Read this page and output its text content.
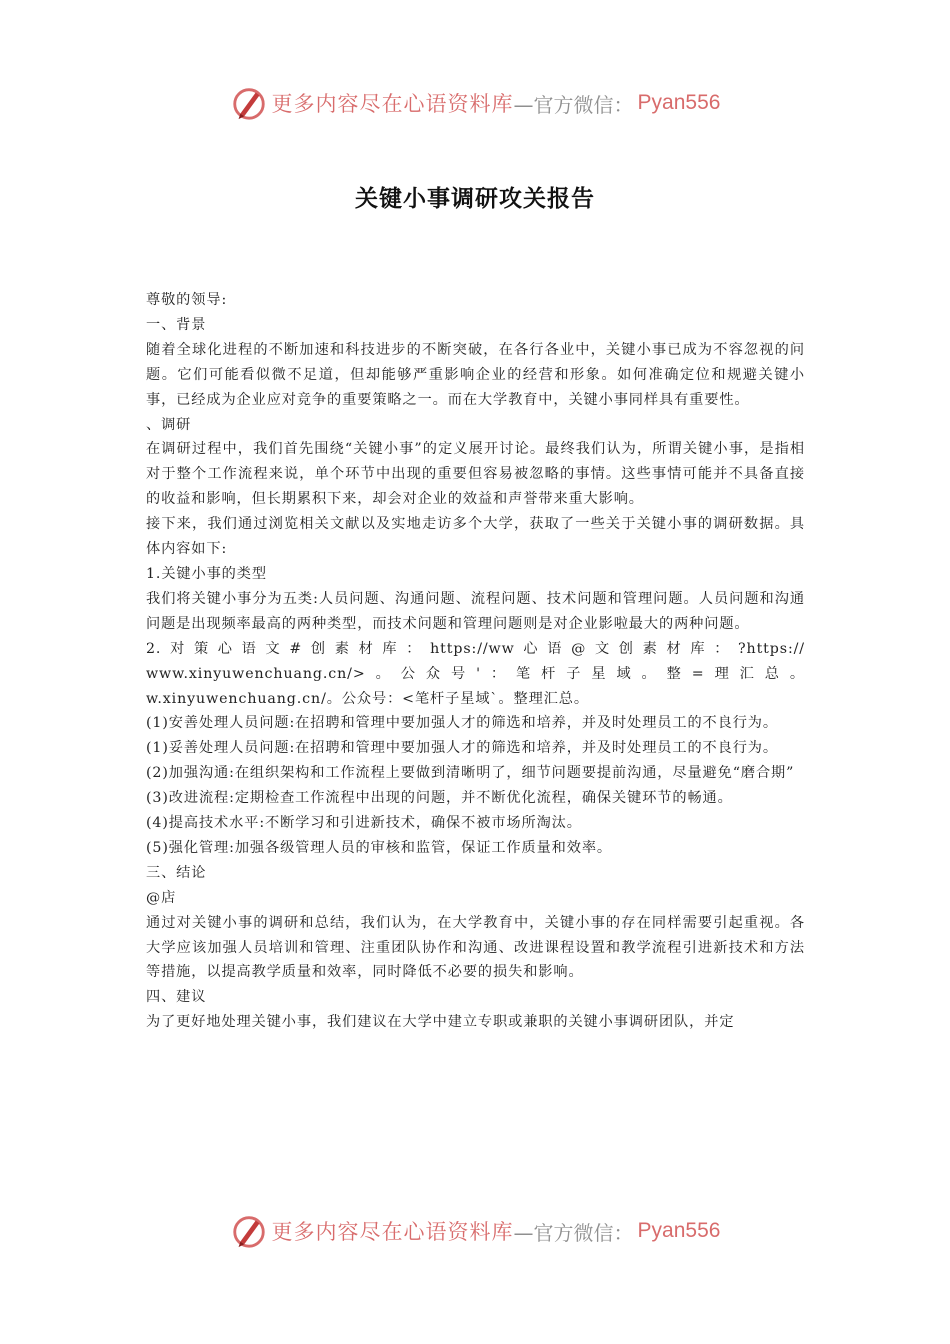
更多内容尽在心语资料库 —官方微信： Pyan556
关键小事调研攻关报告

尊敬的领导:

一、背景

随着全球化进程的不断加速和科技进步的不断突破，在各行各业中，关键小事已成为不容忽视的问题。它们可能看似微不足道，但却能够严重影响企业的经营和形象。如何准确定位和规避关键小事，已经成为企业应对竞争的重要策略之一。而在大学教育中，关键小事同样具有重要性。

、调研

在调研过程中，我们首先围绕“关键小事”的定义展开讨论。最终我们认为，所谓关键小事，是指相对于整个工作流程来说，单个环节中出现的重要但容易被忽略的事情。这些事情可能并不具备直接的收益和影响，但长期累积下来，却会对企业的效益和声誉带来重大影响。

接下来，我们通过浏览相关文献以及实地走访多个大学，获取了一些关于关键小事的调研数据。具体内容如下:

1.关键小事的类型

我们将关键小事分为五类:人员问题、沟通问题、流程问题、技术问题和管理问题。人员问题和沟通问题是出现频率最高的两种类型，而技术问题和管理问题则是对企业影啦最大的两种问题。

2.对策心语文#创素材库：https://ww心语@文创素材库：?https://

www.xinyuwenchuang.cn/>。公众号'：笔杆子星域。整=理汇总。w.xinyuwenchuang.cn/。公众号：<笔杆子星域`。整理汇总。

(1)安善处理人员问题:在招聘和管理中要加强人才的筛选和培养，并及时处理员工的不良行为。

(1)妥善处理人员问题:在招聘和管理中要加强人才的筛选和培养，并及时处理员工的不良行为。

(2)加强沟通:在组织架构和工作流程上要做到清晰明了，细节问题要提前沟通，尽量避免“磨合期”

(3)改进流程:定期检查工作流程中出现的问题，并不断优化流程，确保关键环节的畅通。

(4)提高技术水平:不断学习和引进新技术，确保不被市场所淘汰。

(5)强化管理:加强各级管理人员的审核和监管，保证工作质量和效率。

三、结论

@店

通过对关键小事的调研和总结，我们认为，在大学教育中，关键小事的存在同样需要引起重视。各大学应该加强人员培训和管理、注重团队协作和沟通、改进课程设置和教学流程引进新技术和方法等措施，以提高教学质量和效率，同时降低不必要的损失和影响。

四、建议

为了更好地处理关键小事，我们建议在大学中建立专职或兼职的关键小事调研团队，并定

更多内容尽在心语资料库 —官方微信： Pyan556
